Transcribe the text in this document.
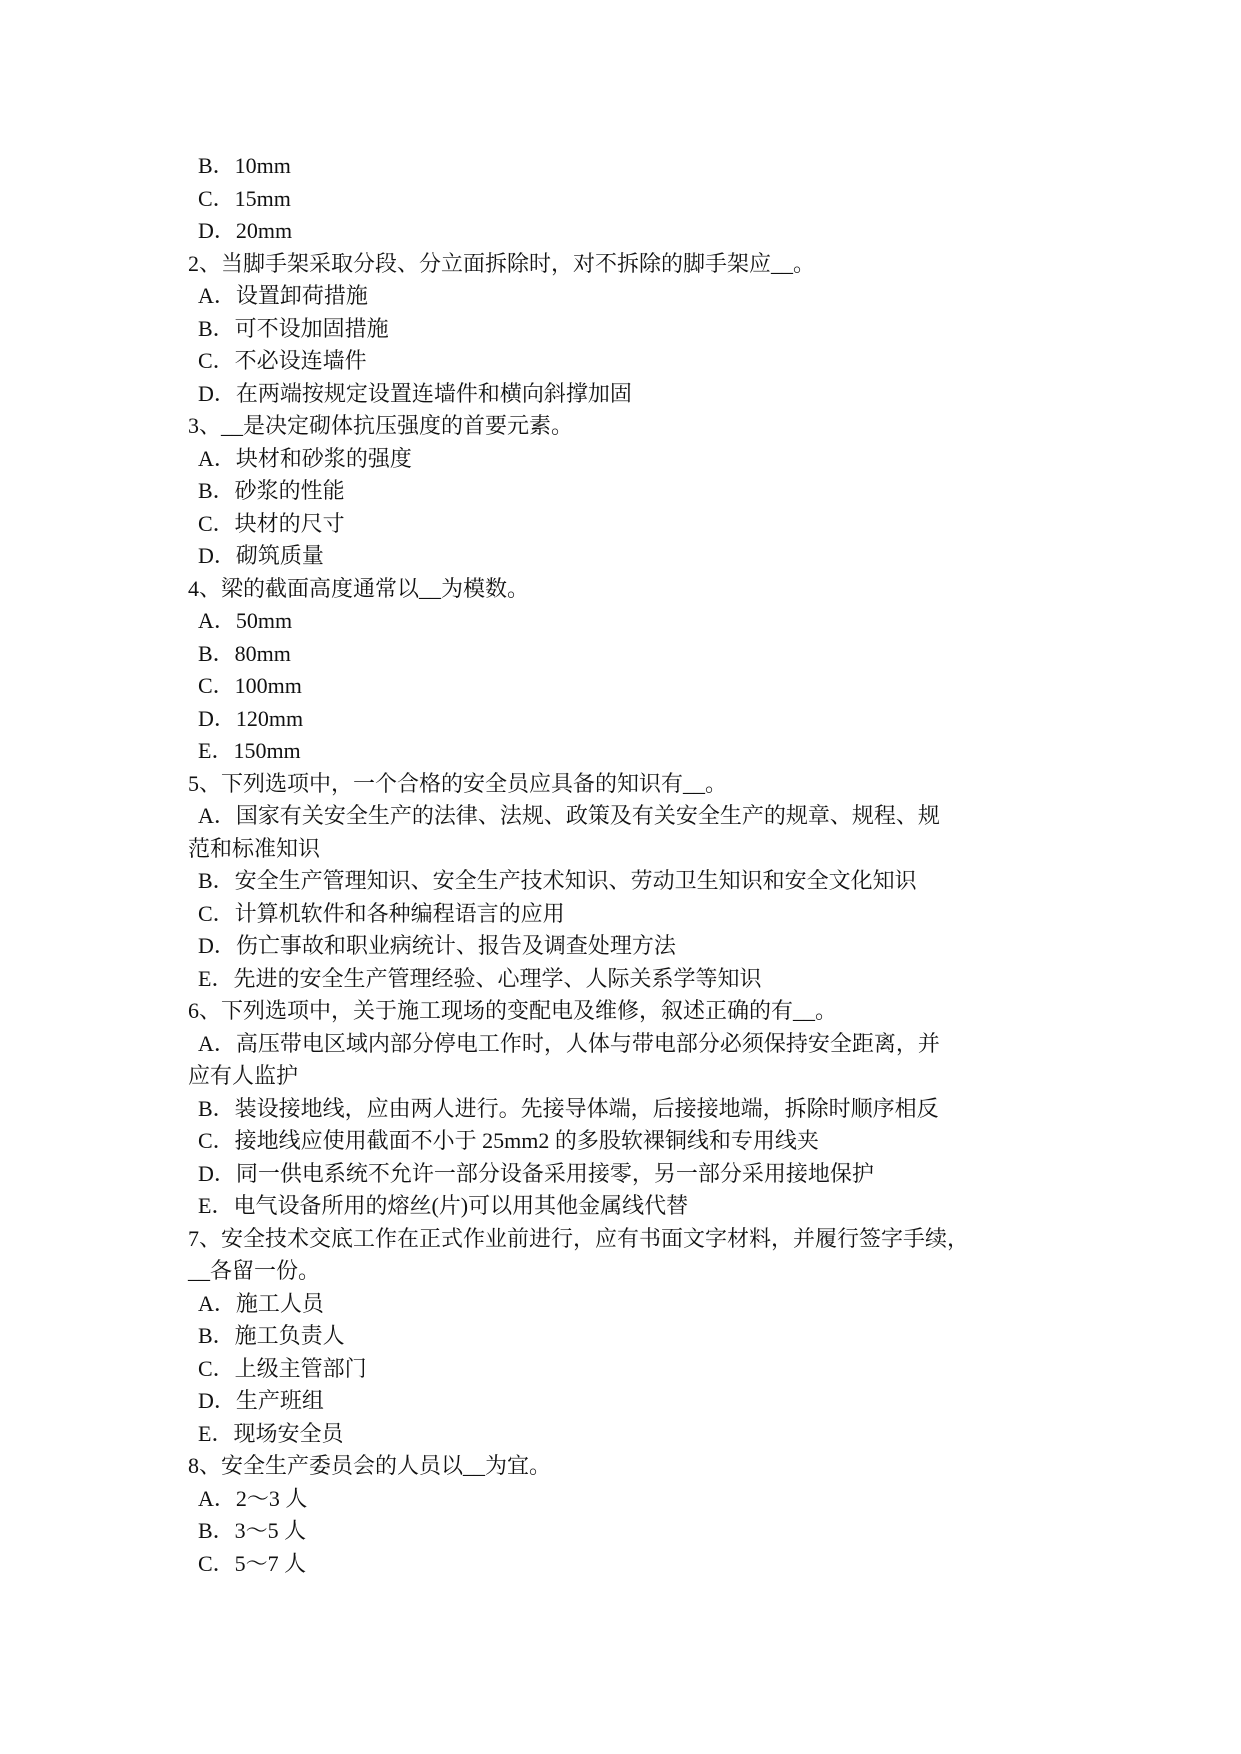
B．10mm

C．15mm

D．20mm

2、当脚手架采取分段、分立面拆除时，对不拆除的脚手架应__。

A．设置卸荷措施

B．可不设加固措施

C．不必设连墙件

D．在两端按规定设置连墙件和横向斜撑加固

3、__是决定砌体抗压强度的首要元素。

A．块材和砂浆的强度

B．砂浆的性能

C．块材的尺寸

D．砌筑质量

4、梁的截面高度通常以__为模数。

A．50mm

B．80mm

C．100mm

D．120mm

E．150mm

5、下列选项中，一个合格的安全员应具备的知识有__。

A．国家有关安全生产的法律、法规、政策及有关安全生产的规章、规程、规

范和标准知识

B．安全生产管理知识、安全生产技术知识、劳动卫生知识和安全文化知识

C．计算机软件和各种编程语言的应用

D．伤亡事故和职业病统计、报告及调查处理方法

E．先进的安全生产管理经验、心理学、人际关系学等知识

6、下列选项中，关于施工现场的变配电及维修，叙述正确的有__。

A．高压带电区域内部分停电工作时，人体与带电部分必须保持安全距离，并

应有人监护

B．装设接地线，应由两人进行。先接导体端，后接接地端，拆除时顺序相反

C．接地线应使用截面不小于 25mm2 的多股软裸铜线和专用线夹

D．同一供电系统不允许一部分设备采用接零，另一部分采用接地保护

E．电气设备所用的熔丝(片)可以用其他金属线代替

7、安全技术交底工作在正式作业前进行，应有书面文字材料，并履行签字手续，

__各留一份。

A．施工人员

B．施工负责人

C．上级主管部门

D．生产班组

E．现场安全员

8、安全生产委员会的人员以__为宜。

A．2～3 人

B．3～5 人

C．5～7 人
